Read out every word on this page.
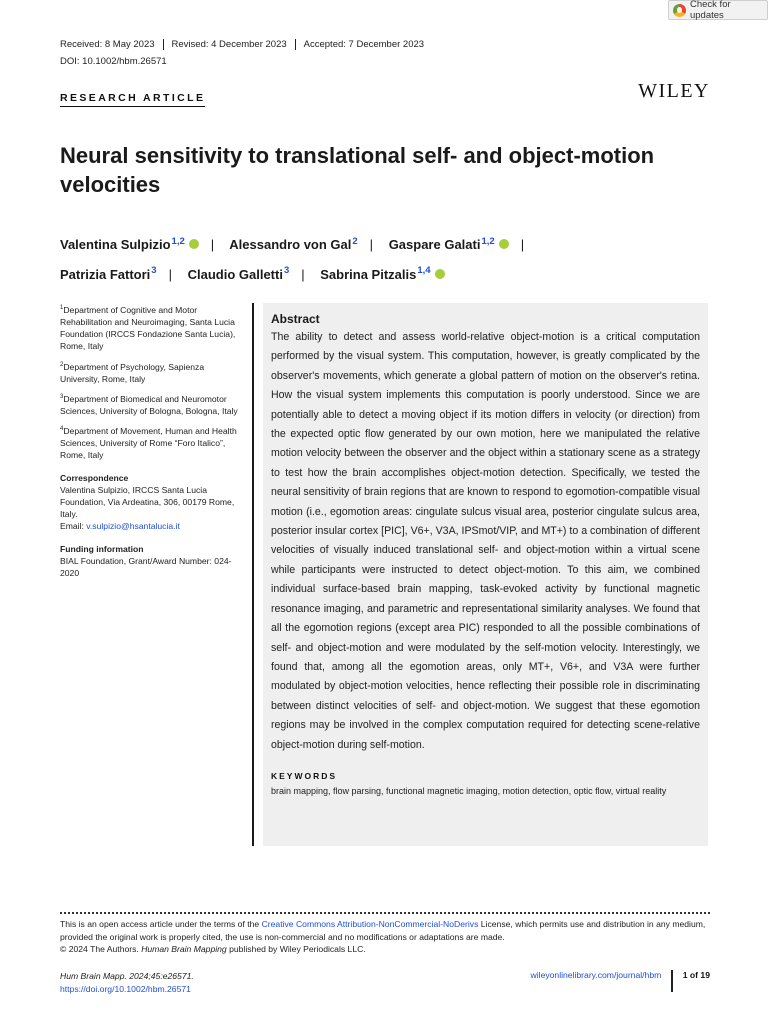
Check for updates
Received: 8 May 2023	Revised: 4 December 2023	Accepted: 7 December 2023
DOI: 10.1002/hbm.26571
RESEARCH ARTICLE	WILEY
Neural sensitivity to translational self- and object-motion velocities
Valentina Sulpizio$^{1,2}$ iD | Alessandro von Gal$^2$ | Gaspare Galati$^{1,2}$ iD |
Patrizia Fattori$^3$ | Claudio Galletti$^3$ | Sabrina Pitzalis$^{1,4}$iD
$^1$Department of Cognitive and Motor Rehabilitation and Neuroimaging, Santa Lucia Foundation (IRCCS Fondazione Santa Lucia), Rome, Italy
$^2$Department of Psychology, Sapienza University, Rome, Italy
$^3$Department of Biomedical and Neuromotor Sciences, University of Bologna, Bologna, Italy
$^4$Department of Movement, Human and Health Sciences, University of Rome “Foro Italico”, Rome, Italy
Correspondence
Valentina Sulpizio, IRCCS Santa Lucia Foundation, Via Ardeatina, 306, 00179 Rome, Italy.
Email: v.sulpizio@hsantalucia.it
Funding information
BIAL Foundation, Grant/Award Number: 024-2020
Abstract
The ability to detect and assess world-relative object-motion is a critical computation performed by the visual system. This computation, however, is greatly complicated by the observer's movements, which generate a global pattern of motion on the observer's retina. How the visual system implements this computation is poorly understood. Since we are potentially able to detect a moving object if its motion differs in velocity (or direction) from the expected optic flow generated by our own motion, here we manipulated the relative motion velocity between the observer and the object within a stationary scene as a strategy to test how the brain accomplishes object-motion detection. Specifically, we tested the neural sensitivity of brain regions that are known to respond to egomotion-compatible visual motion (i.e., egomotion areas: cingulate sulcus visual area, posterior cingulate sulcus area, posterior insular cortex [PIC], V6+, V3A, IPSmot/VIP, and MT+) to a combination of different velocities of visually induced translational self- and object-motion within a virtual scene while participants were instructed to detect object-motion. To this aim, we combined individual surface-based brain mapping, task-evoked activity by functional magnetic resonance imaging, and parametric and representational similarity analyses. We found that all the egomotion regions (except area PIC) responded to all the possible combinations of self- and object-motion and were modulated by the self-motion velocity. Interestingly, we found that, among all the egomotion areas, only MT+, V6+, and V3A were further modulated by object-motion velocities, hence reflecting their possible role in discriminating between distinct velocities of self- and object-motion. We suggest that these egomotion regions may be involved in the complex computation required for detecting scene-relative object-motion during self-motion.
KEYWORDS
brain mapping, flow parsing, functional magnetic imaging, motion detection, optic flow, virtual reality
This is an open access article under the terms of the Creative Commons Attribution-NonCommercial-NoDerivs License, which permits use and distribution in any medium, provided the original work is properly cited, the use is non-commercial and no modifications or adaptations are made.
© 2024 The Authors. Human Brain Mapping published by Wiley Periodicals LLC.
Hum Brain Mapp. 2024;45:e26571.
https://doi.org/10.1002/hbm.26571
wileyonlinelibrary.com/journal/hbm	1 of 19
